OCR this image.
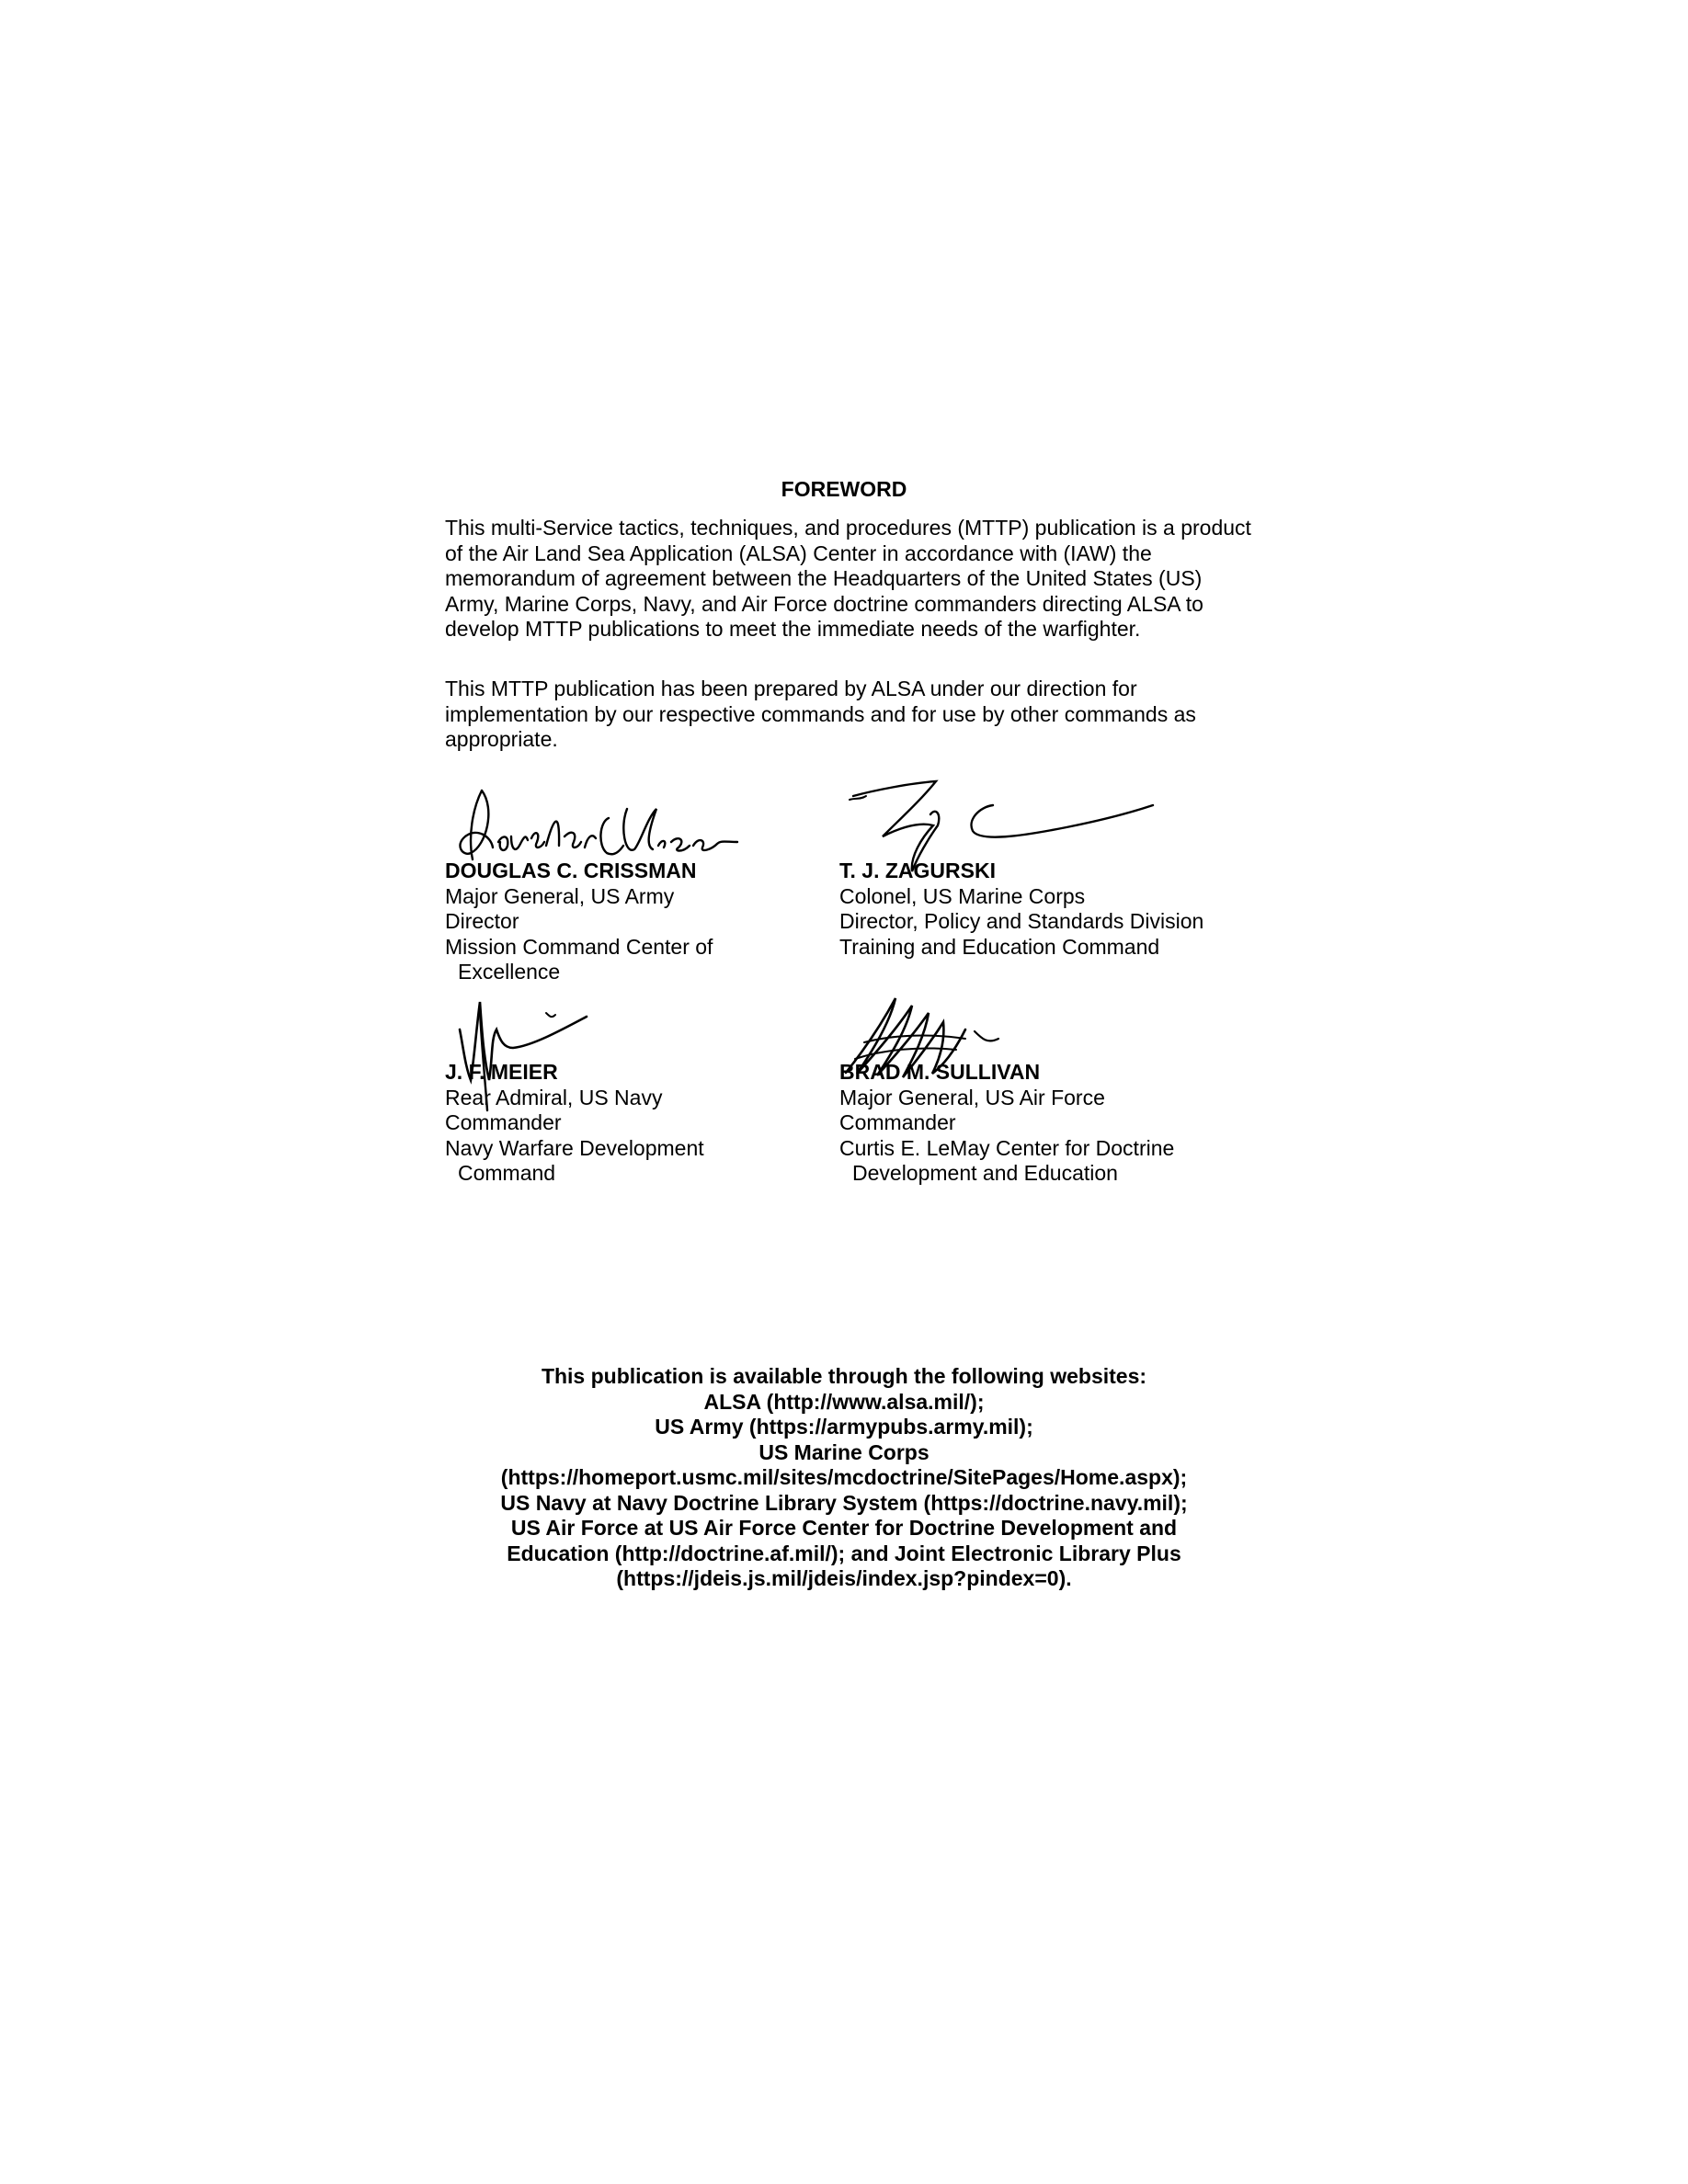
FOREWORD
This multi-Service tactics, techniques, and procedures (MTTP) publication is a product of the Air Land Sea Application (ALSA) Center in accordance with (IAW) the memorandum of agreement between the Headquarters of the United States (US) Army, Marine Corps, Navy, and Air Force doctrine commanders directing ALSA to develop MTTP publications to meet the immediate needs of the warfighter.
This MTTP publication has been prepared by ALSA under our direction for implementation by our respective commands and for use by other commands as appropriate.
DOUGLAS C. CRISSMAN
Major General, US Army
Director
Mission Command Center of
Excellence
T. J. ZAGURSKI
Colonel, US Marine Corps
Director, Policy and Standards Division
Training and Education Command
J. F. MEIER
Rear Admiral, US Navy
Commander
Navy Warfare Development
Command
BRAD M. SULLIVAN
Major General, US Air Force
Commander
Curtis E. LeMay Center for Doctrine
Development and Education
This publication is available through the following websites:
ALSA (http://www.alsa.mil/);
US Army (https://armypubs.army.mil);
US Marine Corps
(https://homeport.usmc.mil/sites/mcdoctrine/SitePages/Home.aspx);
US Navy at Navy Doctrine Library System (https://doctrine.navy.mil);
US Air Force at US Air Force Center for Doctrine Development and
Education (http://doctrine.af.mil/); and Joint Electronic Library Plus
(https://jdeis.js.mil/jdeis/index.jsp?pindex=0).
